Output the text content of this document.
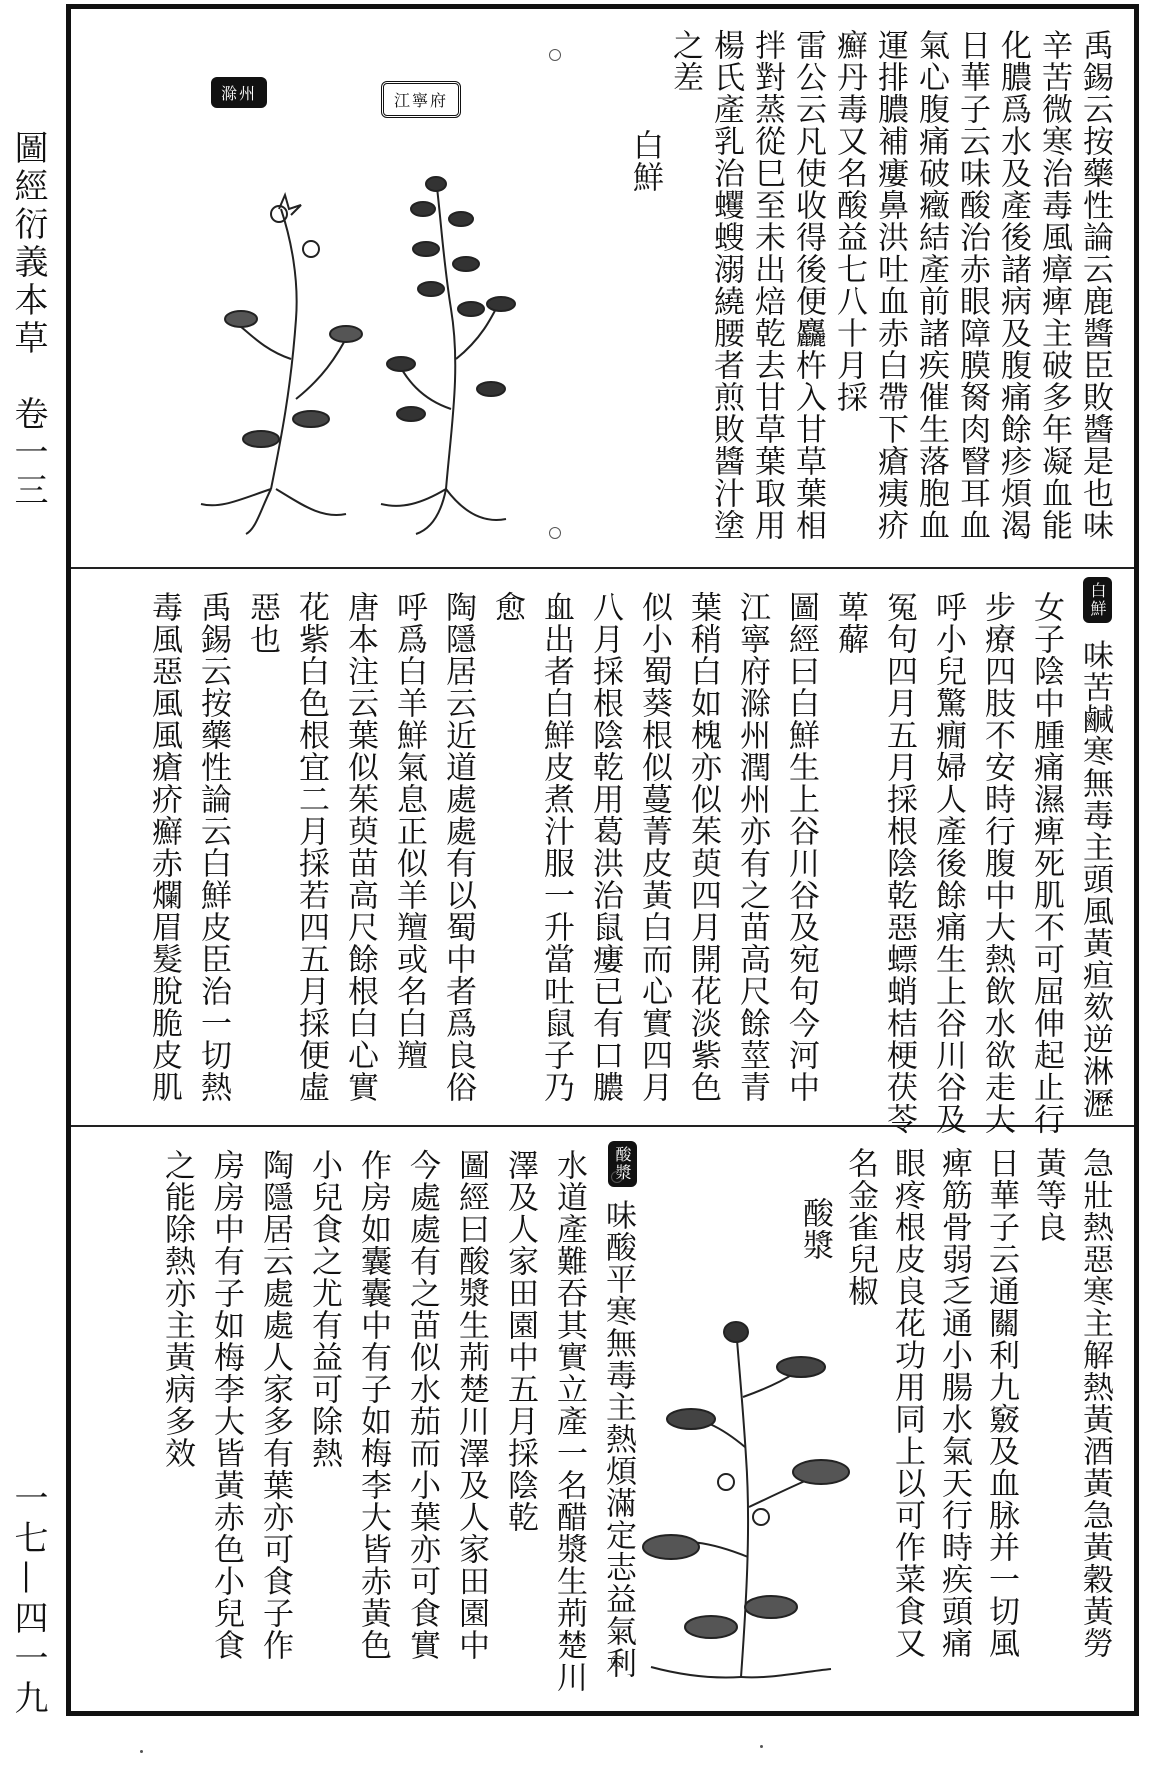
圖經衍義本草　卷一三
一七—四一九
禹錫云按藥性論云鹿醬臣敗醬是也味
辛苦微寒治毒風瘴痺主破多年凝血能
化膿爲水及產後諸病及腹痛餘疹煩渴
日華子云味酸治赤眼障膜胬肉瞖耳血
氣心腹痛破癥結產前諸疾催生落胞血
運排膿補瘻鼻洪吐血赤白帶下瘡痍疥
癬丹毒又名酸益七八十月採
雷公云凡使收得後便麤杵入甘草葉相
拌對蒸從巳至未出焙乾去甘草葉取用
楊氏產乳治蠼螋溺繞腰者煎敗醬汁塗
之差
白鮮
江寧府
滁州
白鮮
味苦鹹寒無毒主頭風黃疸欬逆淋瀝
女子陰中腫痛濕痺死肌不可屈伸起止行
步療四肢不安時行腹中大熱飲水欲走大
呼小兒驚癇婦人產後餘痛生上谷川谷及
冤句四月五月採根陰乾惡螵蛸桔梗茯苓
萆薢
圖經曰白鮮生上谷川谷及宛句今河中
江寧府滁州潤州亦有之苗高尺餘莖青
葉稍白如槐亦似茱萸四月開花淡紫色
似小蜀葵根似蔓菁皮黃白而心實四月
八月採根陰乾用葛洪治鼠瘻已有口膿
血出者白鮮皮煮汁服一升當吐鼠子乃
愈
陶隱居云近道處處有以蜀中者爲良俗
呼爲白羊鮮氣息正似羊羶或名白羶
唐本注云葉似茱萸苗高尺餘根白心實
花紫白色根宜二月採若四五月採便虛
惡也
禹錫云按藥性論云白鮮皮臣治一切熱
毒風惡風風瘡疥癬赤爛眉髮脫脆皮肌
急壯熱惡寒主解熱黃酒黃急黃穀黃勞
黃等良
日華子云通關利九竅及血脉并一切風
痺筋骨弱乏通小腸水氣天行時疾頭痛
眼疼根皮良花功用同上以可作菜食又
名金雀兒椒
酸漿
酸漿
味酸平寒無毒主熱煩滿定志益氣利
水道產難吞其實立產一名醋漿生荊楚川
澤及人家田園中五月採陰乾
圖經曰酸漿生荊楚川澤及人家田園中
今處處有之苗似水茄而小葉亦可食實
作房如囊囊中有子如梅李大皆赤黃色
小兒食之尤有益可除熱
陶隱居云處處人家多有葉亦可食子作
房房中有子如梅李大皆黃赤色小兒食
之能除熱亦主黃病多效
